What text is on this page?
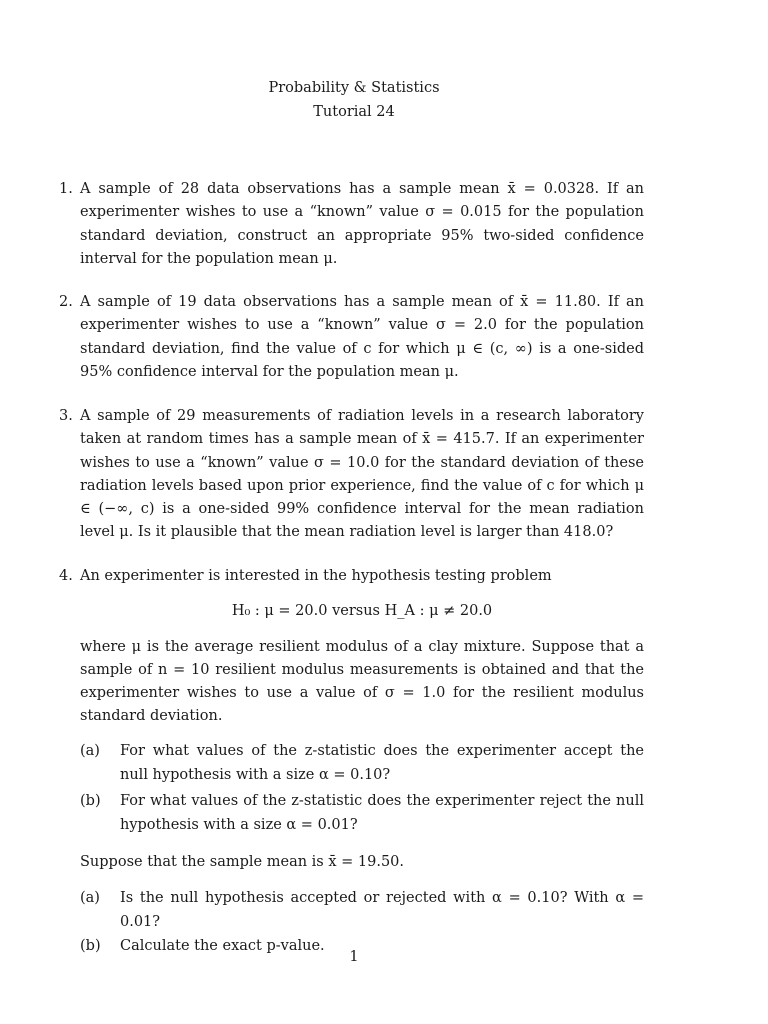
Probability & Statistics
Tutorial 24
1. A sample of 28 data observations has a sample mean x̄ = 0.0328. If an experimenter wishes to use a “known” value σ = 0.015 for the population standard deviation, construct an appropriate 95% two-sided confidence interval for the population mean μ.
2. A sample of 19 data observations has a sample mean of x̄ = 11.80. If an experimenter wishes to use a “known” value σ = 2.0 for the population standard deviation, find the value of c for which μ ∈ (c, ∞) is a one-sided 95% confidence interval for the population mean μ.
3. A sample of 29 measurements of radiation levels in a research laboratory taken at random times has a sample mean of x̄ = 415.7. If an experimenter wishes to use a “known” value σ = 10.0 for the standard deviation of these radiation levels based upon prior experience, find the value of c for which μ ∈ (−∞, c) is a one-sided 99% confidence interval for the mean radiation level μ. Is it plausible that the mean radiation level is larger than 418.0?
4. An experimenter is interested in the hypothesis testing problem
H₀ : μ = 20.0 versus H_A : μ ≠ 20.0
where μ is the average resilient modulus of a clay mixture. Suppose that a sample of n = 10 resilient modulus measurements is obtained and that the experimenter wishes to use a value of σ = 1.0 for the resilient modulus standard deviation.
(a) For what values of the z-statistic does the experimenter accept the null hypothesis with a size α = 0.10?
(b) For what values of the z-statistic does the experimenter reject the null hypothesis with a size α = 0.01?
Suppose that the sample mean is x̄ = 19.50.
(a) Is the null hypothesis accepted or rejected with α = 0.10? With α = 0.01?
(b) Calculate the exact p-value.
1
